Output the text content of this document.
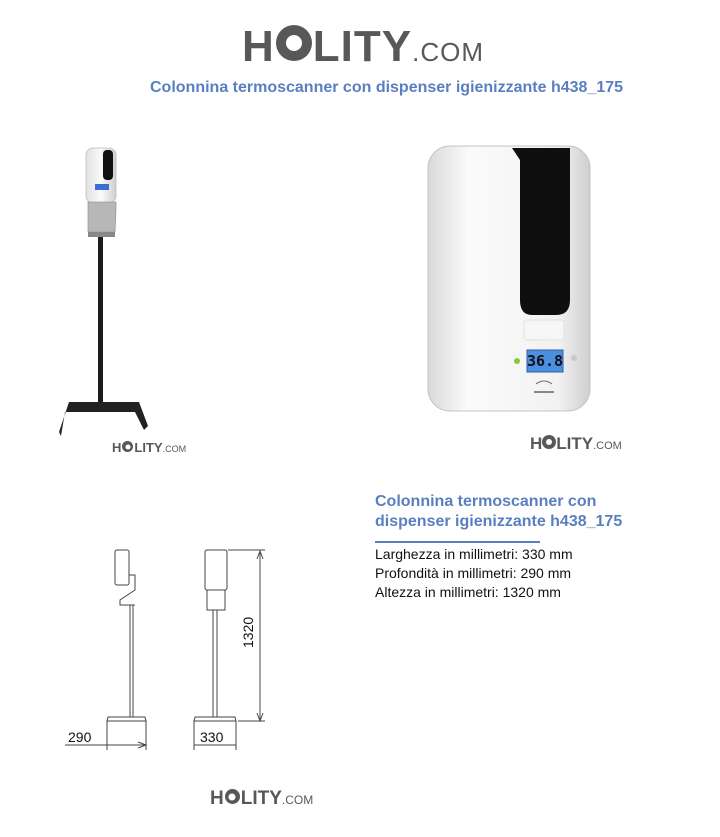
H LITY .COM
Colonnina termoscanner con dispenser igienizzante h438_175
H LITY .COM
36.8
H LITY .COM
Colonnina termoscanner con dispenser igienizzante h438_175
Larghezza in millimetri: 330 mm
Profondità in millimetri: 290 mm
Altezza in millimetri: 1320 mm
290	330
1320
H LITY .COM
